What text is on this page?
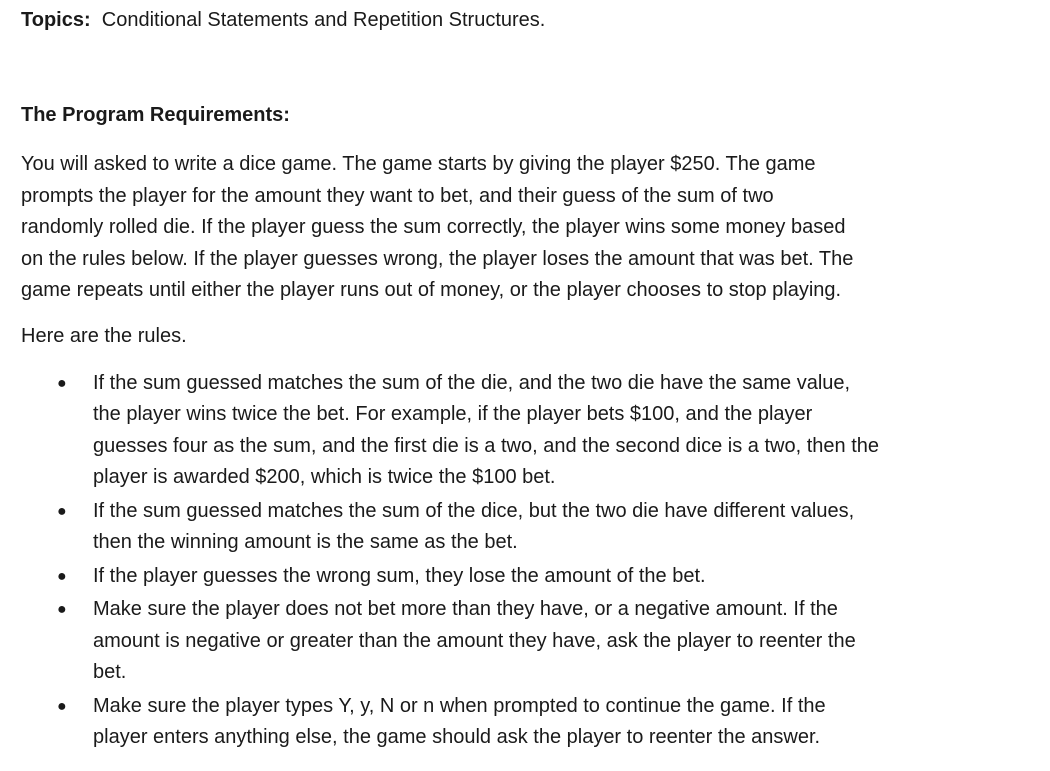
Topics: Conditional Statements and Repetition Structures.
The Program Requirements:
You will asked to write a dice game. The game starts by giving the player $250. The game
prompts the player for the amount they want to bet, and their guess of the sum of two
randomly rolled die. If the player guess the sum correctly, the player wins some money based
on the rules below. If the player guesses wrong, the player loses the amount that was bet. The
game repeats until either the player runs out of money, or the player chooses to stop playing.
Here are the rules.
● If the sum guessed matches the sum of the die, and the two die have the same value,
the player wins twice the bet. For example, if the player bets $100, and the player
guesses four as the sum, and the first die is a two, and the second dice is a two, then the
player is awarded $200, which is twice the $100 bet.
● If the sum guessed matches the sum of the dice, but the two die have different values,
then the winning amount is the same as the bet.
● If the player guesses the wrong sum, they lose the amount of the bet.
● Make sure the player does not bet more than they have, or a negative amount. If the
amount is negative or greater than the amount they have, ask the player to reenter the
bet.
● Make sure the player types Y, y, N or n when prompted to continue the game. If the
player enters anything else, the game should ask the player to reenter the answer.
